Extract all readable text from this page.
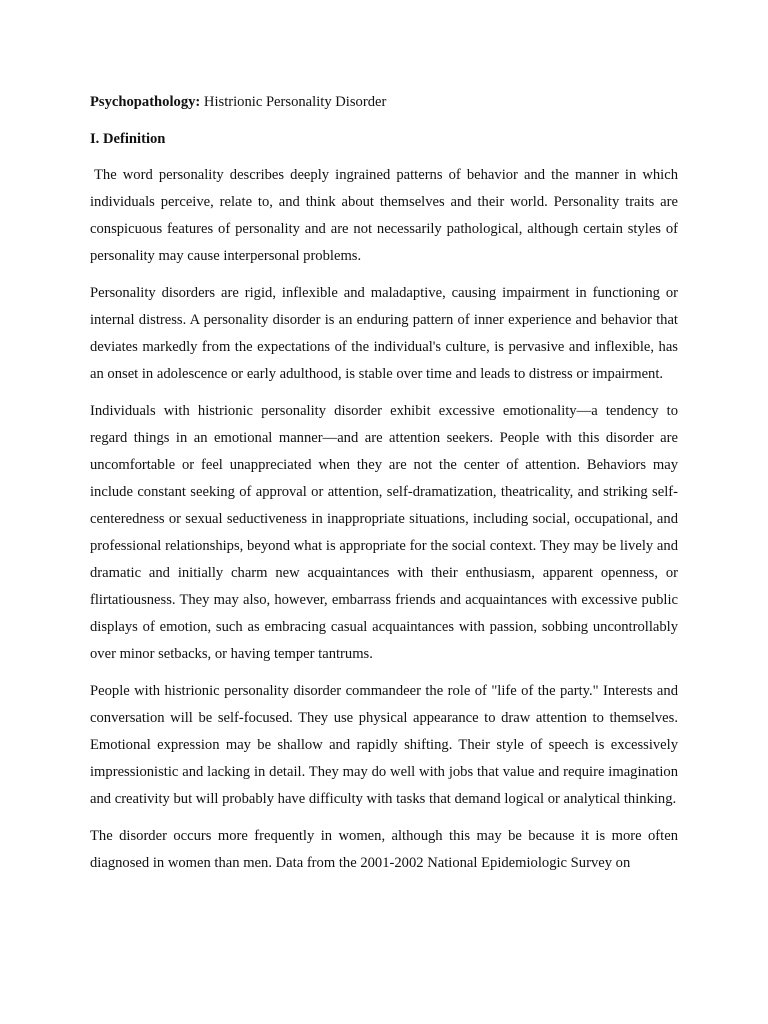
Psychopathology: Histrionic Personality Disorder
I. Definition

The word personality describes deeply ingrained patterns of behavior and the manner in which individuals perceive, relate to, and think about themselves and their world. Personality traits are conspicuous features of personality and are not necessarily pathological, although certain styles of personality may cause interpersonal problems.

Personality disorders are rigid, inflexible and maladaptive, causing impairment in functioning or internal distress. A personality disorder is an enduring pattern of inner experience and behavior that deviates markedly from the expectations of the individual's culture, is pervasive and inflexible, has an onset in adolescence or early adulthood, is stable over time and leads to distress or impairment.

Individuals with histrionic personality disorder exhibit excessive emotionality—a tendency to regard things in an emotional manner—and are attention seekers. People with this disorder are uncomfortable or feel unappreciated when they are not the center of attention. Behaviors may include constant seeking of approval or attention, self-dramatization, theatricality, and striking self-centeredness or sexual seductiveness in inappropriate situations, including social, occupational, and professional relationships, beyond what is appropriate for the social context. They may be lively and dramatic and initially charm new acquaintances with their enthusiasm, apparent openness, or flirtatiousness. They may also, however, embarrass friends and acquaintances with excessive public displays of emotion, such as embracing casual acquaintances with passion, sobbing uncontrollably over minor setbacks, or having temper tantrums.

People with histrionic personality disorder commandeer the role of "life of the party." Interests and conversation will be self-focused. They use physical appearance to draw attention to themselves. Emotional expression may be shallow and rapidly shifting. Their style of speech is excessively impressionistic and lacking in detail. They may do well with jobs that value and require imagination and creativity but will probably have difficulty with tasks that demand logical or analytical thinking.

The disorder occurs more frequently in women, although this may be because it is more often diagnosed in women than men. Data from the 2001-2002 National Epidemiologic Survey on
